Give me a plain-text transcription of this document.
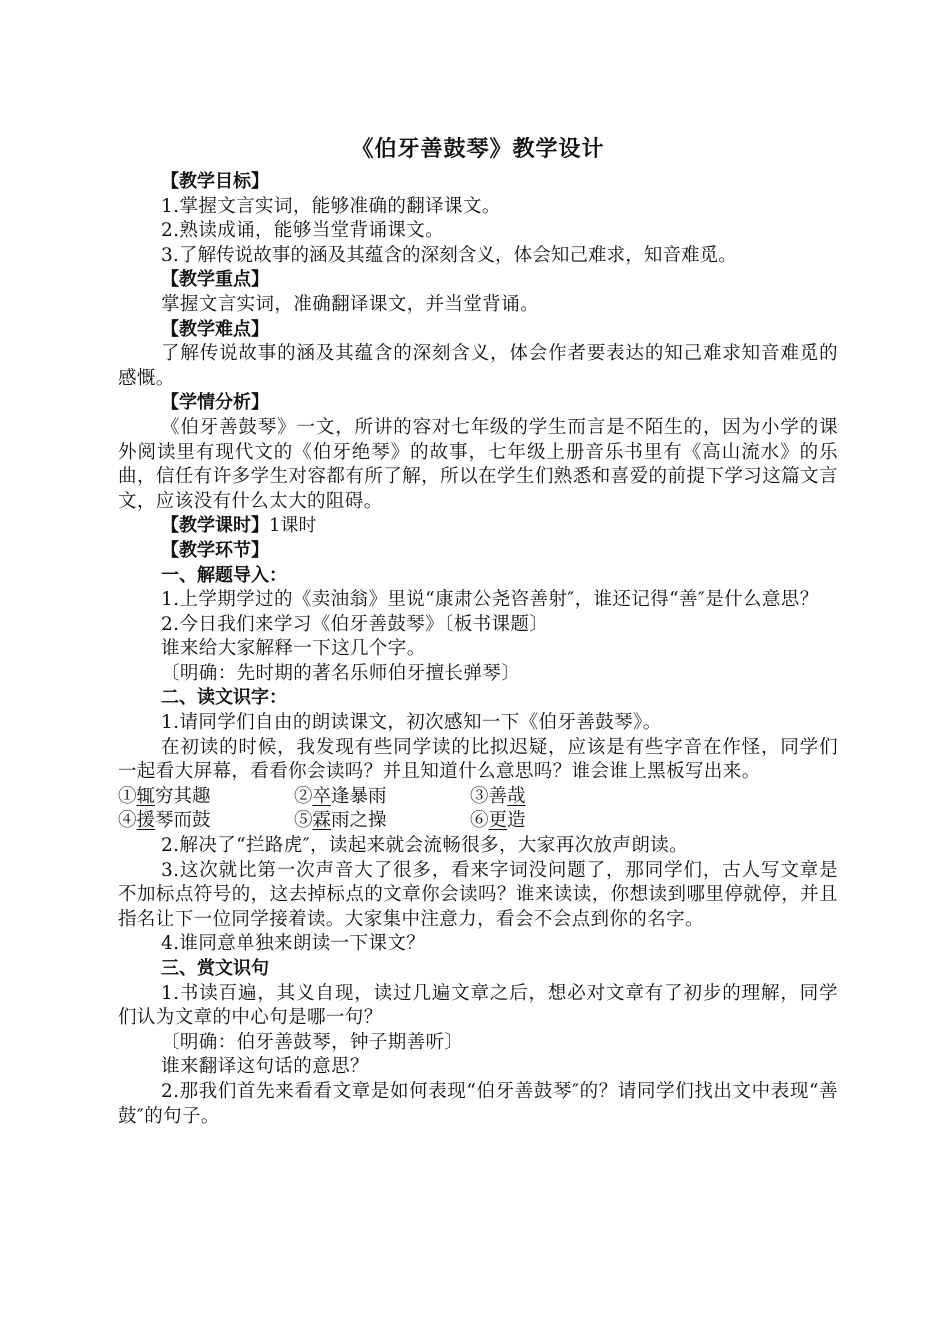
《伯牙善鼓琴》教学设计

【教学目标】

1.掌握文言实词，能够准确的翻译课文。

2.熟读成诵，能够当堂背诵课文。

3.了解传说故事的涵及其蕴含的深刻含义，体会知己难求，知音难觅。

【教学重点】

掌握文言实词，准确翻译课文，并当堂背诵。

【教学难点】

了解传说故事的涵及其蕴含的深刻含义，体会作者要表达的知己难求知音难觅的感慨。

【学情分析】

《伯牙善鼓琴》一文，所讲的容对七年级的学生而言是不陌生的，因为小学的课外阅读里有现代文的《伯牙绝琴》的故事，七年级上册音乐书里有《高山流水》的乐曲，信任有许多学生对容都有所了解，所以在学生们熟悉和喜爱的前提下学习这篇文言文，应该没有什么太大的阻碍。

【教学课时】1课时

【教学环节】

一、解题导入：

1.上学期学过的《卖油翁》里说“康肃公尧咨善射″，谁还记得“善″是什么意思？

2.今日我们来学习《伯牙善鼓琴》〔板书课题〕

谁来给大家解释一下这几个字。

〔明确：先时期的著名乐师伯牙擅长弹琴〕

二、读文识字：

1.请同学们自由的朗读课文，初次感知一下《伯牙善鼓琴》。

在初读的时候，我发现有些同学读的比拟迟疑，应该是有些字音在作怪，同学们一起看大屏幕，看看你会读吗？并且知道什么意思吗？谁会谁上黑板写出来。

①辄穷其趣	②卒逢暴雨	③善哉
④援琴而鼓	⑤霖雨之操	⑥更造

2.解决了“拦路虎″，读起来就会流畅很多，大家再次放声朗读。

3.这次就比第一次声音大了很多，看来字词没问题了，那同学们，古人写文章是不加标点符号的，这去掉标点的文章你会读吗？谁来读读，你想读到哪里停就停，并且指名让下一位同学接着读。大家集中注意力，看会不会点到你的名字。

4.谁同意单独来朗读一下课文？

三、赏文识句

1.书读百遍，其义自现，读过几遍文章之后，想必对文章有了初步的理解，同学们认为文章的中心句是哪一句？

〔明确：伯牙善鼓琴，钟子期善听〕

谁来翻译这句话的意思？

2.那我们首先来看看文章是如何表现“伯牙善鼓琴″的？请同学们找出文中表现“善鼓″的句子。
